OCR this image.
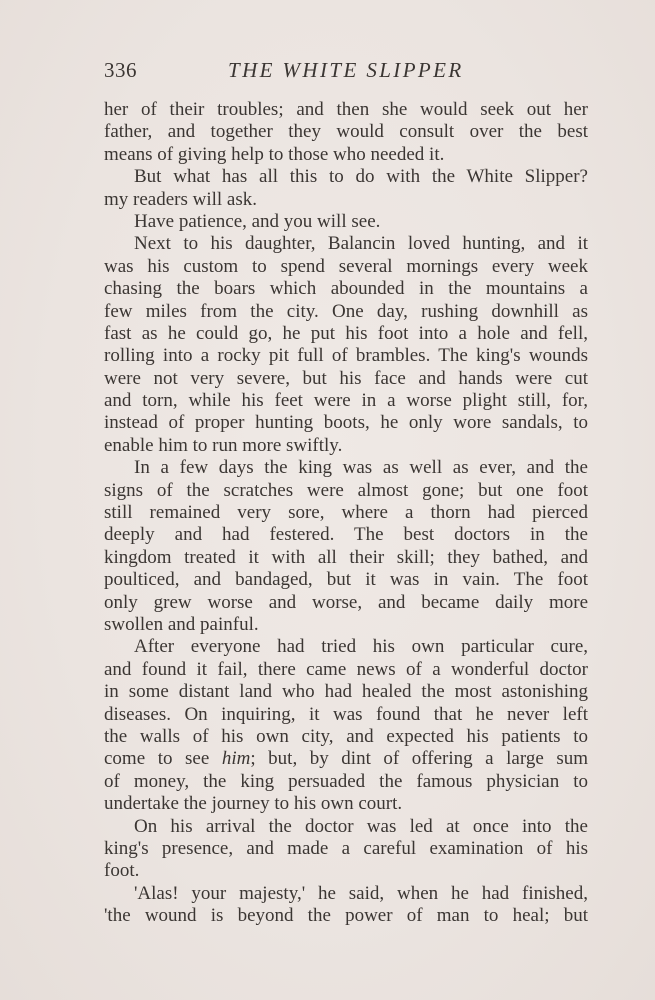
336	THE WHITE SLIPPER
her of their troubles; and then she would seek out her
father, and together they would consult over the best
means of giving help to those who needed it.
But what has all this to do with the White Slipper?
my readers will ask.
Have patience, and you will see.
Next to his daughter, Balancin loved hunting, and it
was his custom to spend several mornings every week
chasing the boars which abounded in the mountains a
few miles from the city. One day, rushing downhill as
fast as he could go, he put his foot into a hole and fell,
rolling into a rocky pit full of brambles. The king's wounds
were not very severe, but his face and hands were cut
and torn, while his feet were in a worse plight still, for,
instead of proper hunting boots, he only wore sandals, to
enable him to run more swiftly.
In a few days the king was as well as ever, and the
signs of the scratches were almost gone; but one foot
still remained very sore, where a thorn had pierced
deeply and had festered. The best doctors in the
kingdom treated it with all their skill; they bathed, and
poulticed, and bandaged, but it was in vain. The foot
only grew worse and worse, and became daily more
swollen and painful.
After everyone had tried his own particular cure,
and found it fail, there came news of a wonderful doctor
in some distant land who had healed the most astonishing
diseases. On inquiring, it was found that he never left
the walls of his own city, and expected his patients to
come to see him; but, by dint of offering a large sum
of money, the king persuaded the famous physician to
undertake the journey to his own court.
On his arrival the doctor was led at once into the
king's presence, and made a careful examination of his
foot.
'Alas! your majesty,' he said, when he had finished,
'the wound is beyond the power of man to heal; but
